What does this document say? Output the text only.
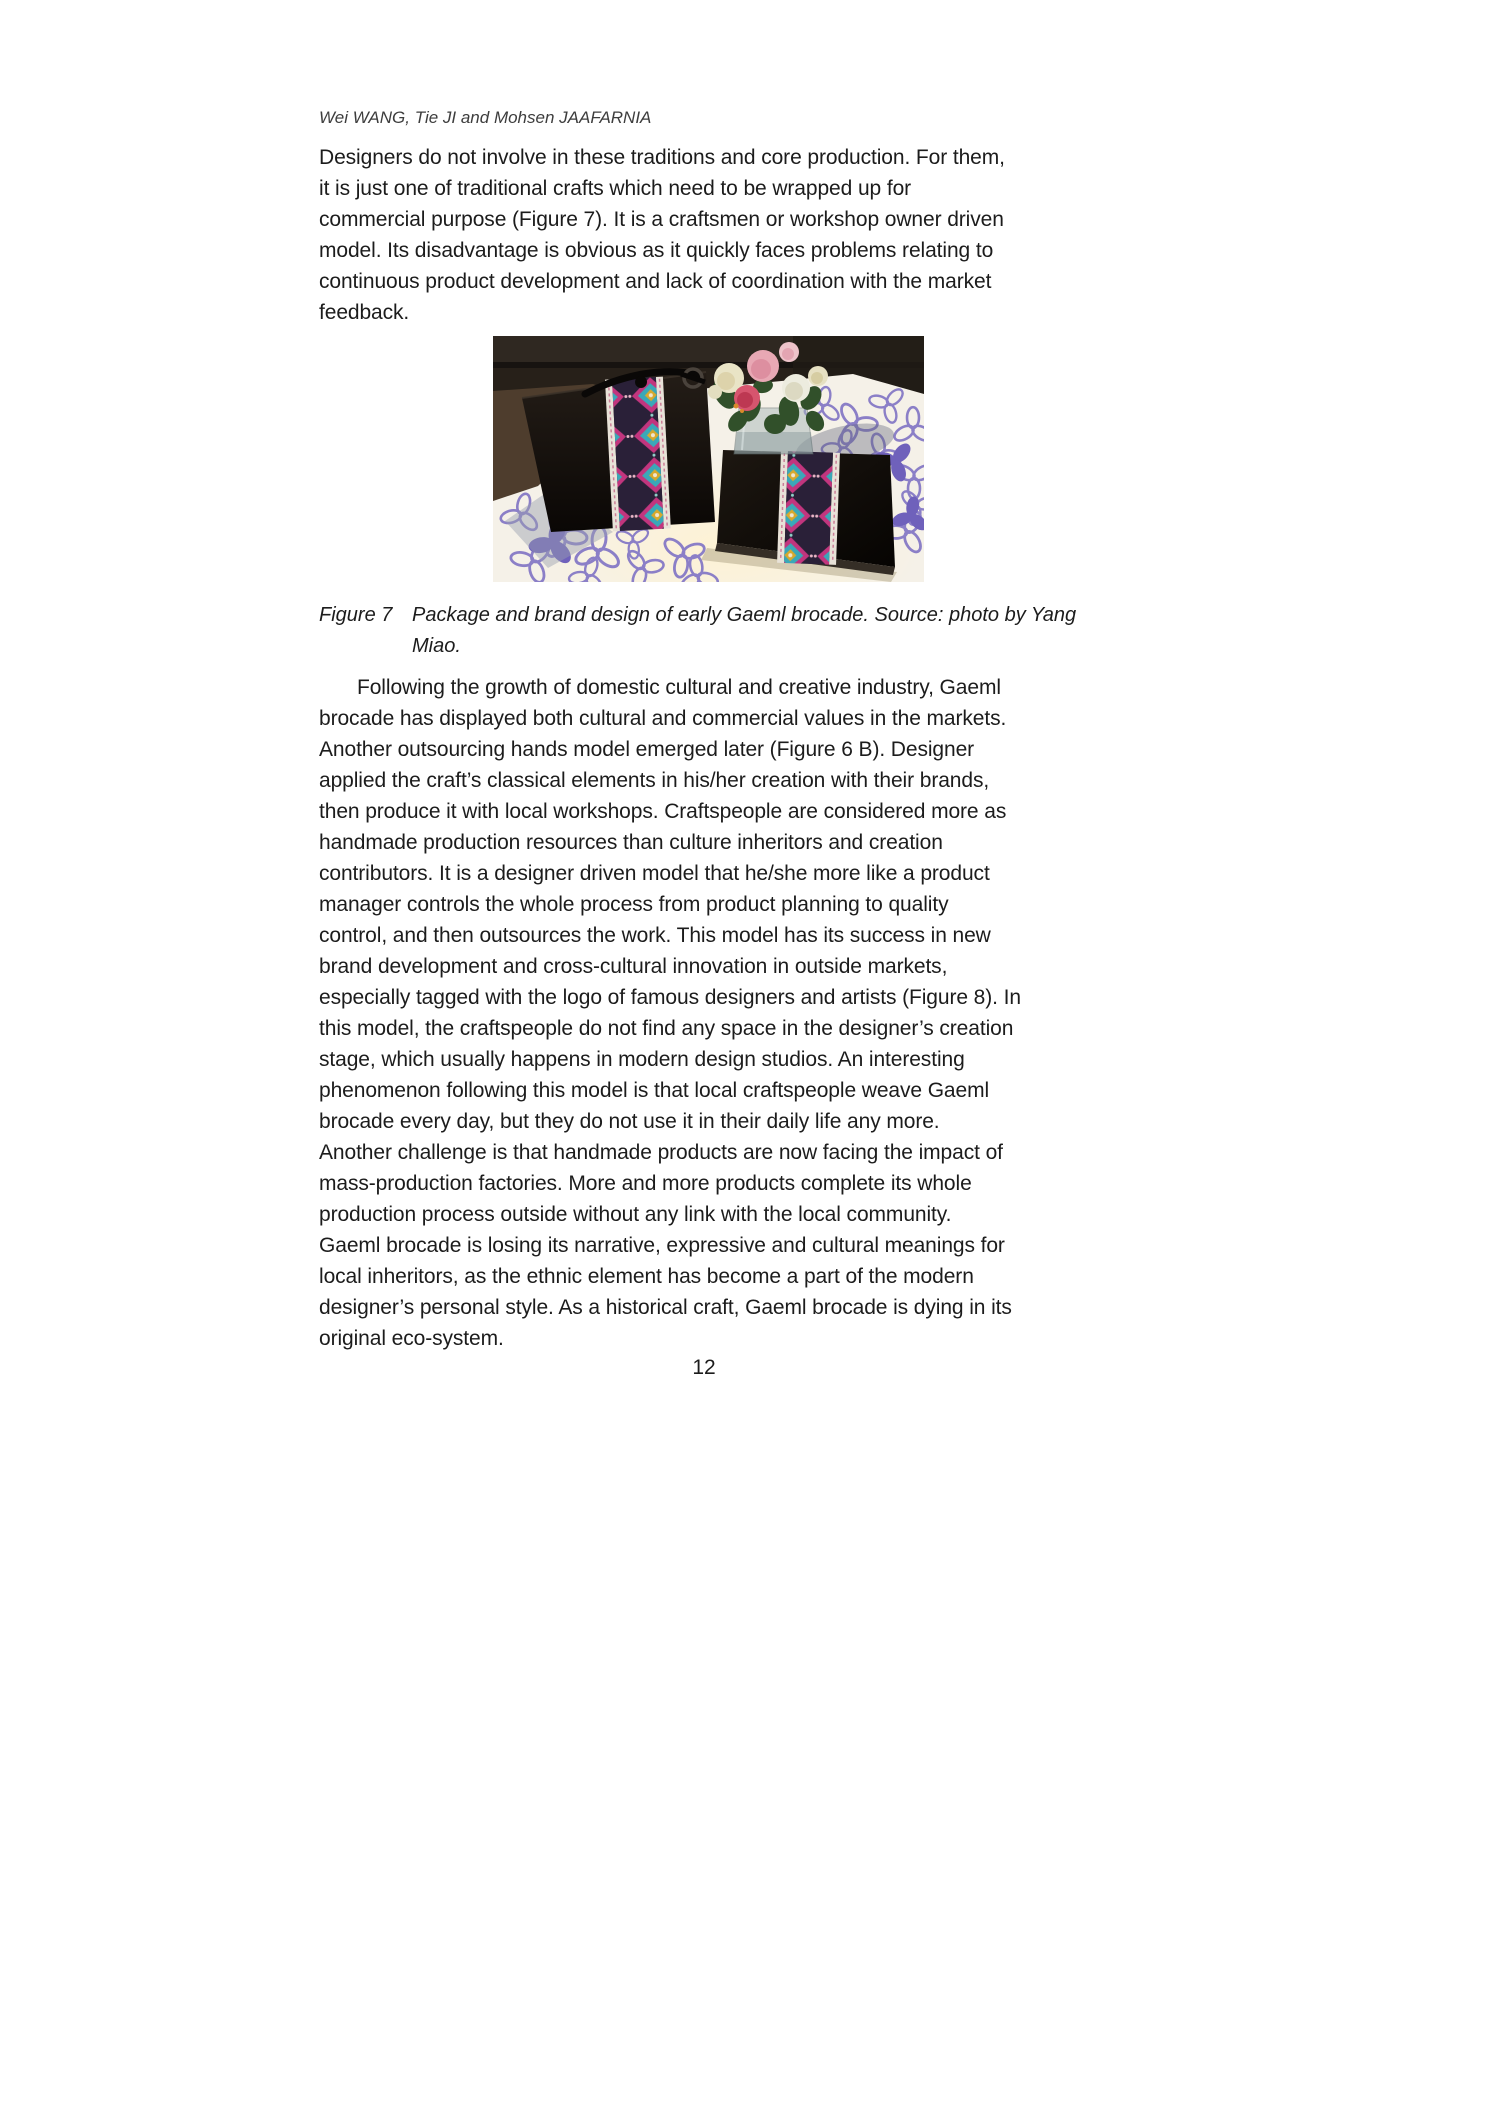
Wei WANG, Tie JI and Mohsen JAAFARNIA
Designers do not involve in these traditions and core production. For them,
it is just one of traditional crafts which need to be wrapped up for
commercial purpose (Figure 7). It is a craftsmen or workshop owner driven
model. Its disadvantage is obvious as it quickly faces problems relating to
continuous product development and lack of coordination with the market
feedback.
Figure 7 Package and brand design of early Gaeml brocade. Source: photo by Yang
Miao.
Following the growth of domestic cultural and creative industry, Gaeml
brocade has displayed both cultural and commercial values in the markets.
Another outsourcing hands model emerged later (Figure 6 B). Designer
applied the craft’s classical elements in his/her creation with their brands,
then produce it with local workshops. Craftspeople are considered more as
handmade production resources than culture inheritors and creation
contributors. It is a designer driven model that he/she more like a product
manager controls the whole process from product planning to quality
control, and then outsources the work. This model has its success in new
brand development and cross-cultural innovation in outside markets,
especially tagged with the logo of famous designers and artists (Figure 8). In
this model, the craftspeople do not find any space in the designer’s creation
stage, which usually happens in modern design studios. An interesting
phenomenon following this model is that local craftspeople weave Gaeml
brocade every day, but they do not use it in their daily life any more.
Another challenge is that handmade products are now facing the impact of
mass-production factories. More and more products complete its whole
production process outside without any link with the local community.
Gaeml brocade is losing its narrative, expressive and cultural meanings for
local inheritors, as the ethnic element has become a part of the modern
designer’s personal style. As a historical craft, Gaeml brocade is dying in its
original eco-system.
12
